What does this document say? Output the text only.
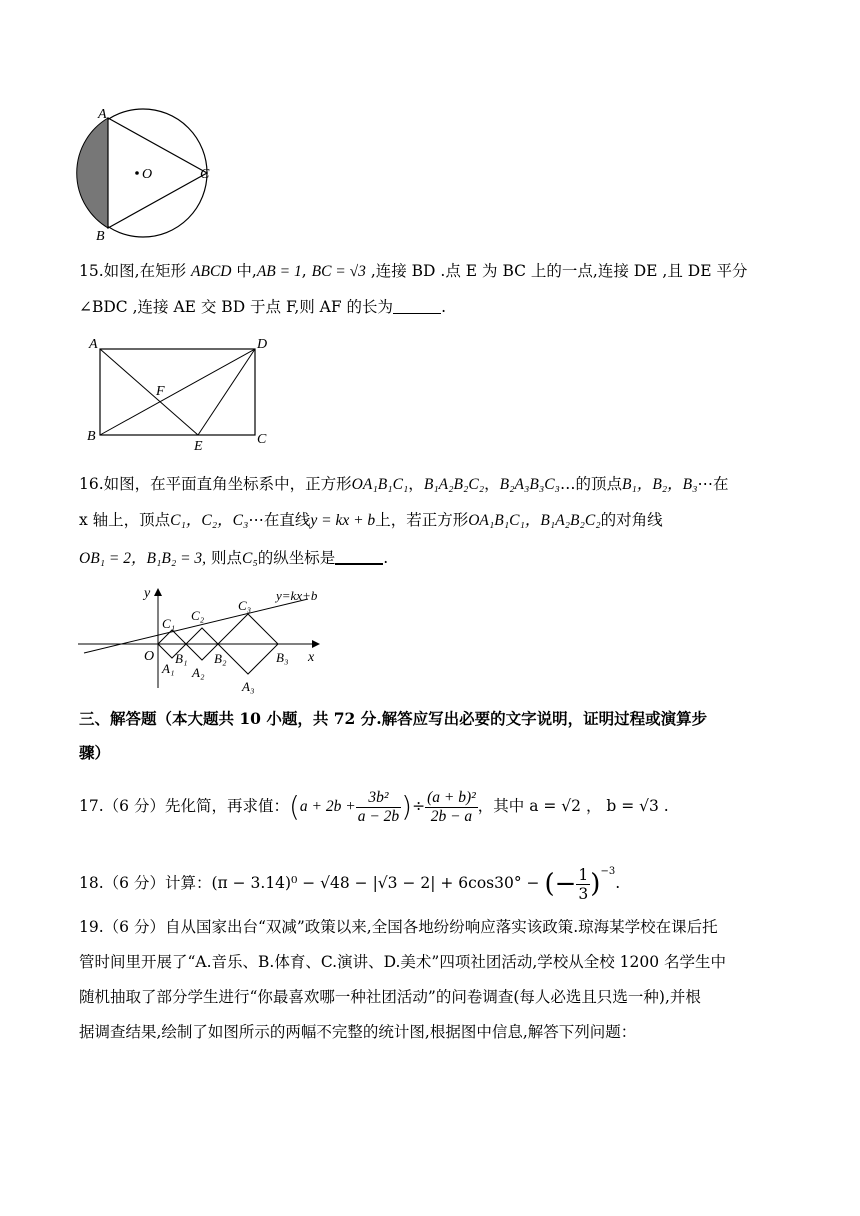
A
B
C
O
15.如图,在矩形 ABCD 中,AB = 1, BC = √3 ,连接 BD .点 E 为 BC 上的一点,连接 DE ,且 DE 平分
∠BDC ,连接 AE 交 BD 于点 F,则 AF 的长为	.
A	D
B	C
E
F
16.如图，在平面直角坐标系中，正方形OA₁B₁C₁，B₁A₂B₂C₂，B₂A₃B₃C₃…的顶点B₁，B₂，B₃⋯在
x 轴上，顶点C₁，C₂，C₃⋯在直线y = kx + b上，若正方形OA₁B₁C₁，B₁A₂B₂C₂的对角线
OB₁ = 2，B₁B₂ = 3, 则点C₅的纵坐标是	.
y
x
O
y=kx+b
C₁
C₂
C₃
B₁ B₂	B₃
A₁ A₂
A₃
三、解答题（本大题共 10 小题，共 72 分.解答应写出必要的文字说明，证明过程或演算步
骤）
17.（6 分）先化简，再求值：($a + 2b + \frac{\text{3b²}}{a - 2b}$ )÷ $\frac{\text{(a + b)²}}{2b - a}$ ，其中 a = √2 ， b = √3 .
18.（6 分）计算：(π − 3.14)⁰ − √48 − |√3 − 2| + 6cos30° − (− $\frac{1}{3} )^{-3}$.
19.（6 分）自从国家出台“双减”政策以来,全国各地纷纷响应落实该政策.琼海某学校在课后托
管时间里开展了“A.音乐、B.体育、C.演讲、D.美术”四项社团活动,学校从全校 1200 名学生中
随机抽取了部分学生进行“你最喜欢哪一种社团活动”的问卷调查(每人必选且只选一种),并根
据调查结果,绘制了如图所示的两幅不完整的统计图,根据图中信息,解答下列问题：
